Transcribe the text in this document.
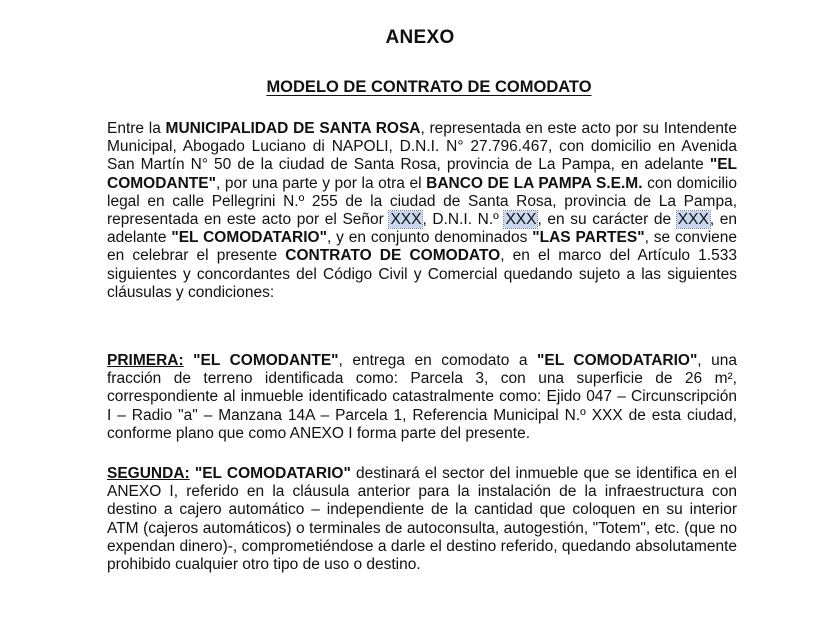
ANEXO
MODELO DE CONTRATO DE COMODATO

Entre la MUNICIPALIDAD DE SANTA ROSA, representada en este acto por su Intendente Municipal, Abogado Luciano di NAPOLI, D.N.I. N° 27.796.467, con domicilio en Avenida San Martín N° 50 de la ciudad de Santa Rosa, provincia de La Pampa, en adelante "EL COMODANTE", por una parte y por la otra el BANCO DE LA PAMPA S.E.M. con domicilio legal en calle Pellegrini N.º 255 de la ciudad de Santa Rosa, provincia de La Pampa, representada en este acto por el Señor XXX, D.N.I. N.º XXX, en su carácter de XXX, en adelante "EL COMODATARIO", y en conjunto denominados "LAS PARTES", se conviene en celebrar el presente CONTRATO DE COMODATO, en el marco del Artículo 1.533 siguientes y concordantes del Código Civil y Comercial quedando sujeto a las siguientes cláusulas y condiciones:

PRIMERA: "EL COMODANTE", entrega en comodato a "EL COMODATARIO", una fracción de terreno identificada como: Parcela 3, con una superficie de 26 m², correspondiente al inmueble identificado catastralmente como: Ejido 047 – Circunscripción I – Radio "a" – Manzana 14A – Parcela 1, Referencia Municipal N.º XXX de esta ciudad, conforme plano que como ANEXO I forma parte del presente.

SEGUNDA: "EL COMODATARIO" destinará el sector del inmueble que se identifica en el ANEXO I, referido en la cláusula anterior para la instalación de la infraestructura con destino a cajero automático – independiente de la cantidad que coloquen en su interior ATM (cajeros automáticos) o terminales de autoconsulta, autogestión, "Totem", etc. (que no expendan dinero)-, comprometiéndose a darle el destino referido, quedando absolutamente prohibido cualquier otro tipo de uso o destino.
